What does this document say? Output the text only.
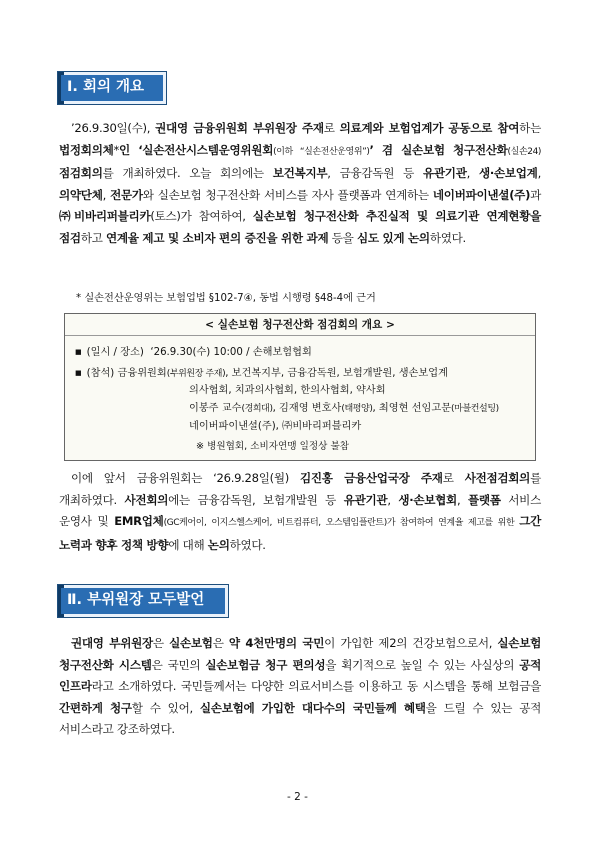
Ⅰ. 회의 개요

’26.9.30일(수), 권대영 금융위원회 부위원장 주재로 의료계와 보험업계가 공동으로 참여하는 법정회의체*인 ‘실손전산시스템운영위원회(이하 “실손전산운영위”)’ 겸 실손보험 청구전산화(실손24) 점검회의를 개최하였다. 오늘 회의에는 보건복지부, 금융감독원 등 유관기관, 생·손보업계, 의약단체, 전문가와 실손보험 청구전산화 서비스를 자사 플랫폼과 연계하는 네이버파이낸셜(주)과 ㈜비바리퍼블리카(토스)가 참여하여, 실손보험 청구전산화 추진실적 및 의료기관 연계현황을 점검하고 연계율 제고 및 소비자 편의 증진을 위한 과제 등을 심도 있게 논의하였다.

* 실손전산운영위는 보험업법 §102-7④, 동법 시행령 §48-4에 근거
< 실손보험 청구전산화 점검회의 개요 >
■ (일시 / 장소) ‘26.9.30(수) 10:00 / 손해보험협회
■ (참석) 금융위원회(부위원장 주재), 보건복지부, 금융감독원, 보험개발원, 생손보업계
의사협회, 치과의사협회, 한의사협회, 약사회
이봉주 교수(경희대), 김재영 변호사(태평양), 최영현 선임고문(마블컨설팅)
네이버파이낸셜(주), ㈜비바리퍼블리카
※ 병원협회, 소비자연맹 일정상 불참

이에 앞서 금융위원회는 ‘26.9.28일(월) 김진홍 금융산업국장 주재로 사전점검회의를 개최하였다. 사전회의에는 금융감독원, 보험개발원 등 유관기관, 생·손보협회, 플랫폼 서비스 운영사 및 EMR업체(GC케어이, 이지스헬스케어, 비트컴퓨터, 오스템임플란트)가 참여하여 연계율 제고를 위한 그간 노력과 향후 정책 방향에 대해 논의하였다.

Ⅱ. 부위원장 모두발언

권대영 부위원장은 실손보험은 약 4천만명의 국민이 가입한 제2의 건강보험으로서, 실손보험 청구전산화 시스템은 국민의 실손보험금 청구 편의성을 획기적으로 높일 수 있는 사실상의 공적 인프라라고 소개하였다. 국민들께서는 다양한 의료서비스를 이용하고 동 시스템을 통해 보험금을 간편하게 청구할 수 있어, 실손보험에 가입한 대다수의 국민들께 혜택을 드릴 수 있는 공적 서비스라고 강조하였다.

- 2 -
